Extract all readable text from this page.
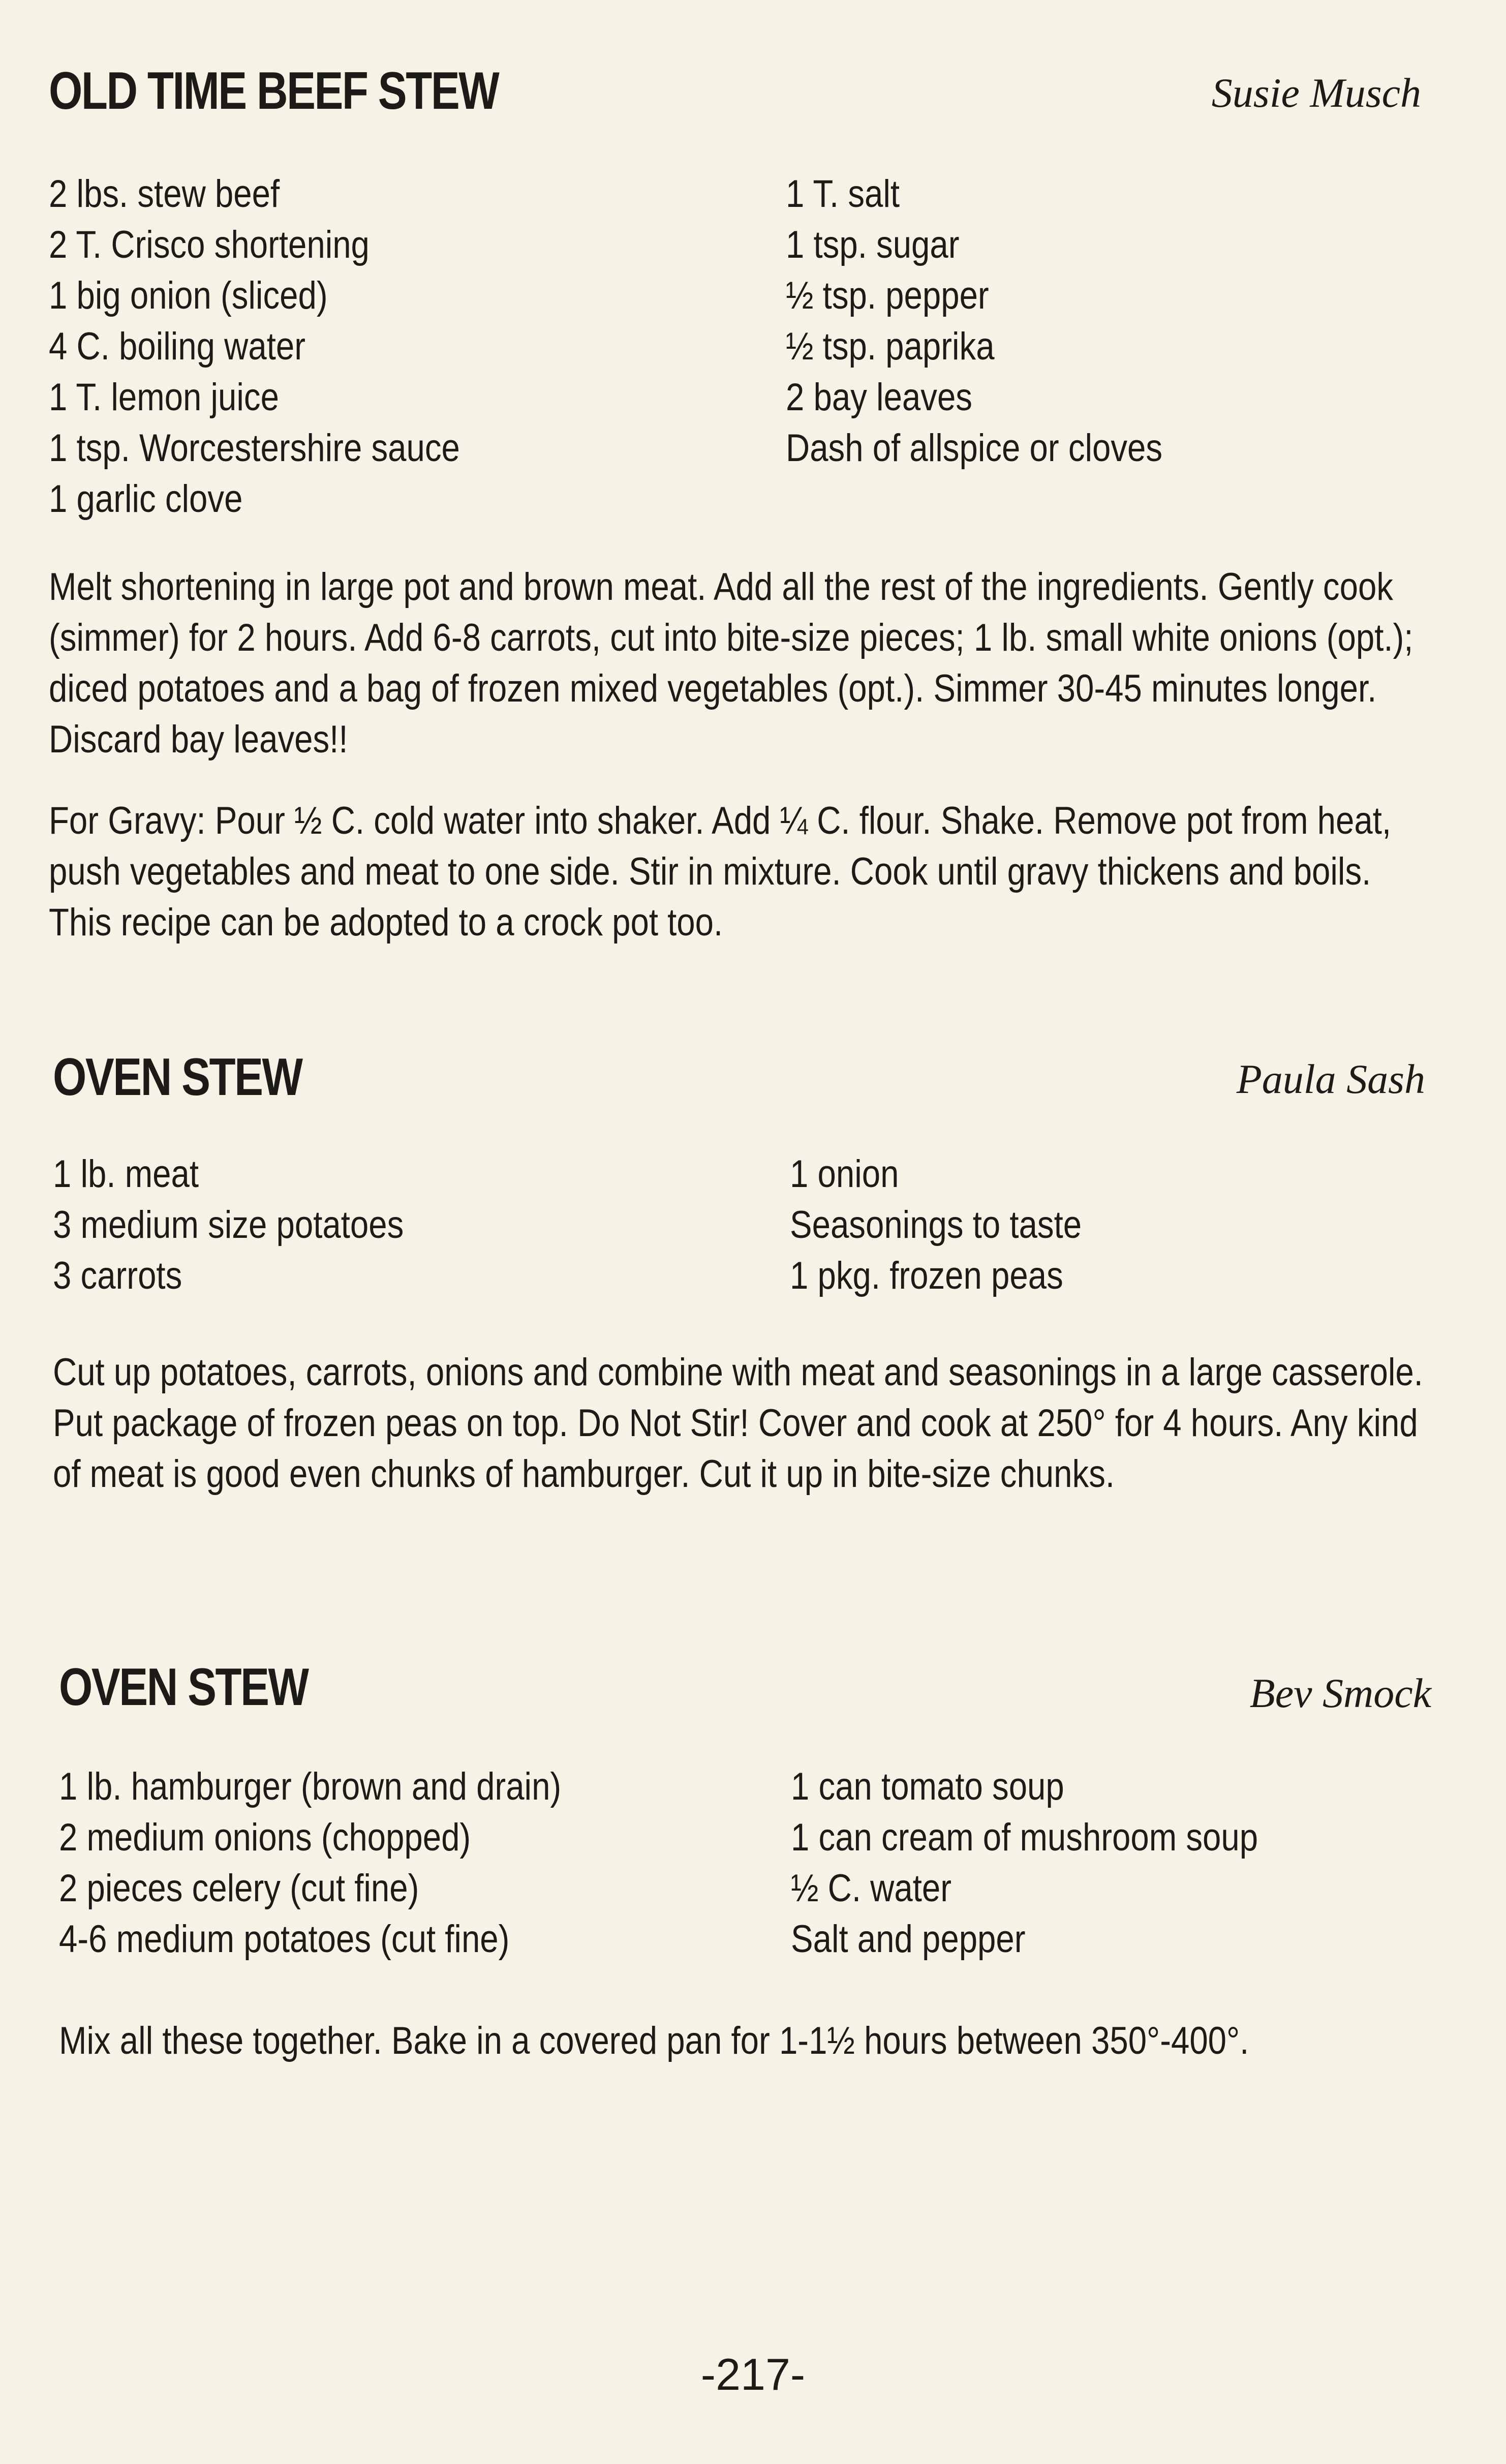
OLD TIME BEEF STEW	Susie Musch
2 lbs. stew beef
2 T. Crisco shortening
1 big onion (sliced)
4 C. boiling water
1 T. lemon juice
1 tsp. Worcestershire sauce
1 garlic clove
1 T. salt
1 tsp. sugar
½ tsp. pepper
½ tsp. paprika
2 bay leaves
Dash of allspice or cloves

Melt shortening in large pot and brown meat. Add all the rest of the ingredients. Gently cook (simmer) for 2 hours. Add 6-8 carrots, cut into bite-size pieces; 1 lb. small white onions (opt.); diced potatoes and a bag of frozen mixed vegetables (opt.). Simmer 30-45 minutes longer. Discard bay leaves!!

For Gravy: Pour ½ C. cold water into shaker. Add ¼ C. flour. Shake. Remove pot from heat, push vegetables and meat to one side. Stir in mixture. Cook until gravy thickens and boils. This recipe can be adopted to a crock pot too.

OVEN STEW	Paula Sash
1 lb. meat
3 medium size potatoes
3 carrots
1 onion
Seasonings to taste
1 pkg. frozen peas

Cut up potatoes, carrots, onions and combine with meat and seasonings in a large casserole. Put package of frozen peas on top. Do Not Stir! Cover and cook at 250° for 4 hours. Any kind of meat is good even chunks of hamburger. Cut it up in bite-size chunks.

OVEN STEW	Bev Smock
1 lb. hamburger (brown and drain)
2 medium onions (chopped)
2 pieces celery (cut fine)
4-6 medium potatoes (cut fine)
1 can tomato soup
1 can cream of mushroom soup
½ C. water
Salt and pepper

Mix all these together. Bake in a covered pan for 1-1½ hours between 350°-400°.

-217-
